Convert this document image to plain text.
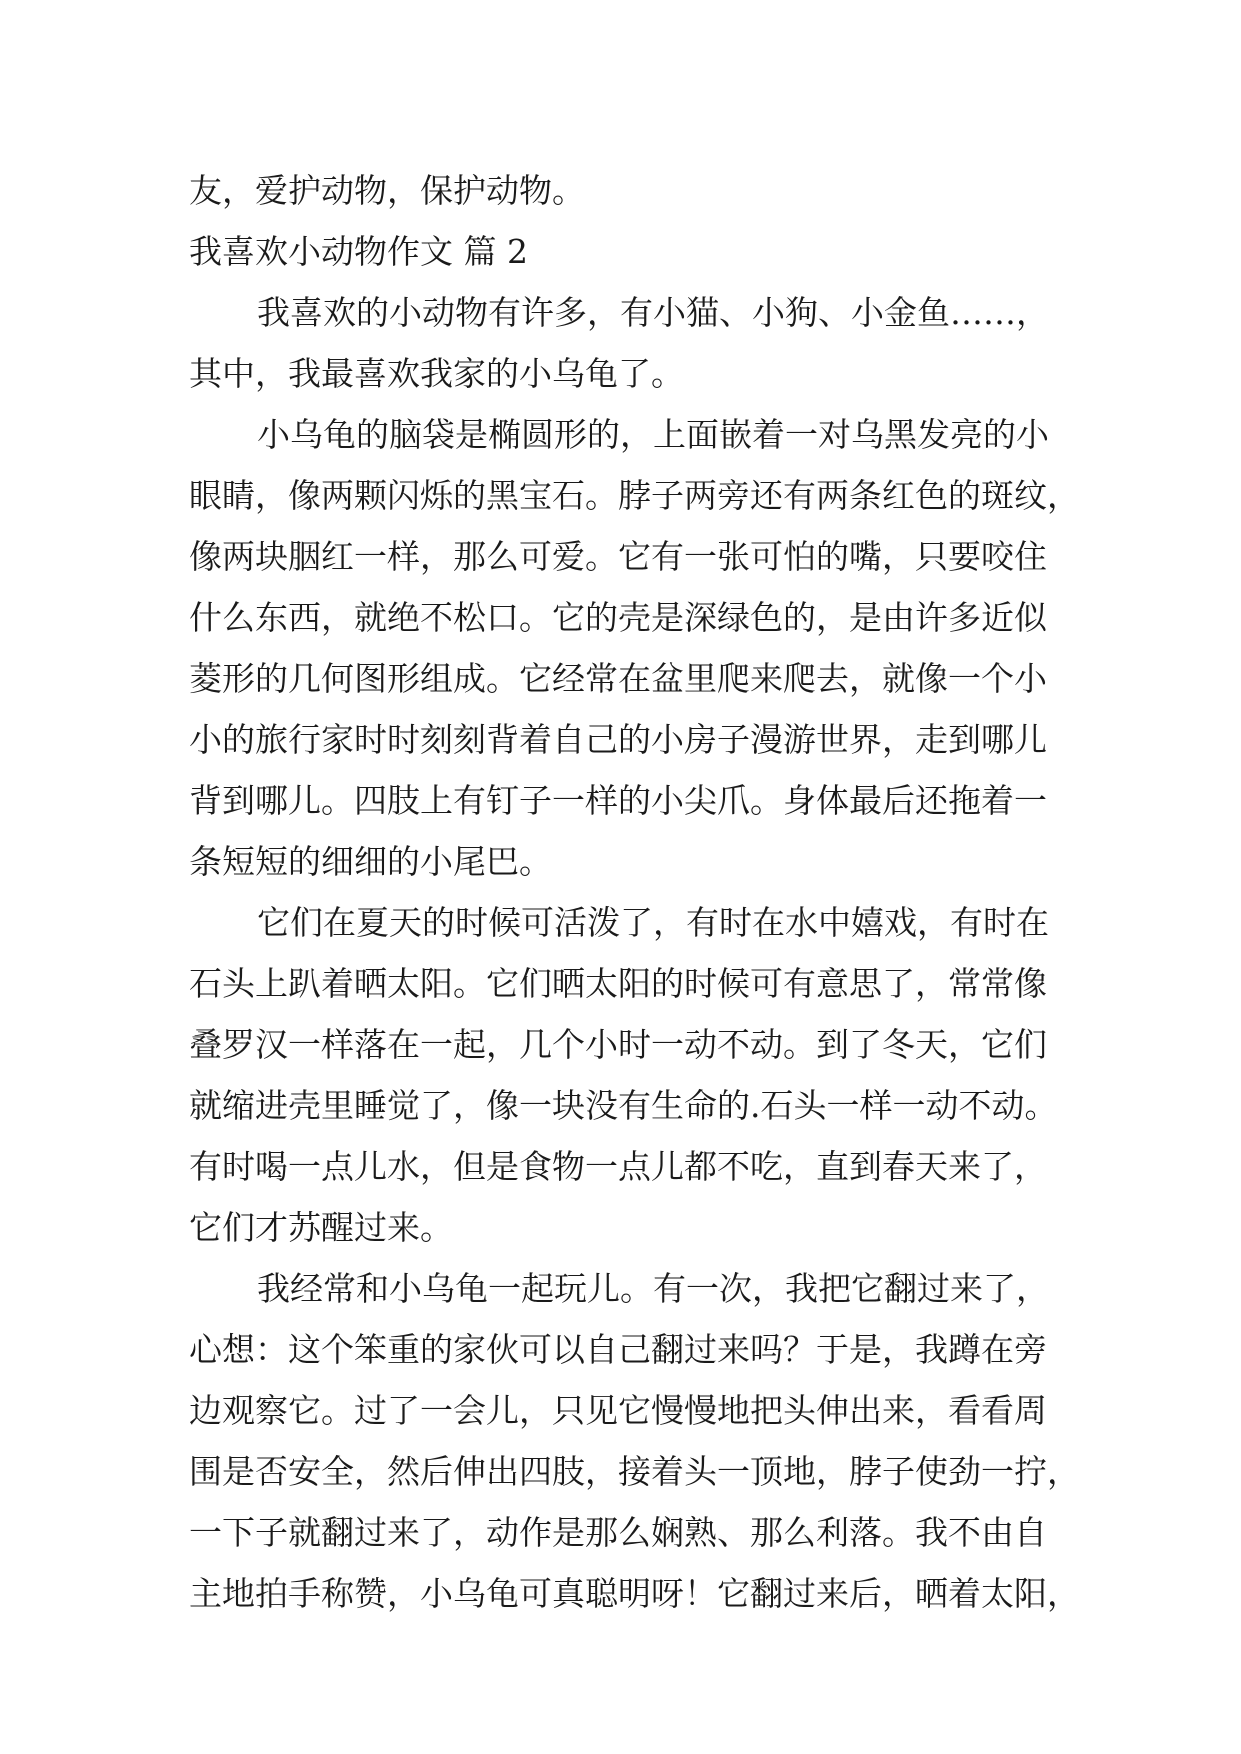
友，爱护动物，保护动物。

我喜欢小动物作文 篇 2

我喜欢的小动物有许多，有小猫、小狗、小金鱼……，

其中，我最喜欢我家的小乌龟了。

小乌龟的脑袋是椭圆形的，上面嵌着一对乌黑发亮的小

眼睛，像两颗闪烁的黑宝石。脖子两旁还有两条红色的斑纹，

像两块胭红一样，那么可爱。它有一张可怕的嘴，只要咬住

什么东西，就绝不松口。它的壳是深绿色的，是由许多近似

菱形的几何图形组成。它经常在盆里爬来爬去，就像一个小

小的旅行家时时刻刻背着自己的小房子漫游世界，走到哪儿

背到哪儿。四肢上有钉子一样的小尖爪。身体最后还拖着一

条短短的细细的小尾巴。

它们在夏天的时候可活泼了，有时在水中嬉戏，有时在

石头上趴着晒太阳。它们晒太阳的时候可有意思了，常常像

叠罗汉一样落在一起，几个小时一动不动。到了冬天，它们

就缩进壳里睡觉了，像一块没有生命的.石头一样一动不动。

有时喝一点儿水，但是食物一点儿都不吃，直到春天来了，

它们才苏醒过来。

我经常和小乌龟一起玩儿。有一次，我把它翻过来了，

心想：这个笨重的家伙可以自己翻过来吗？于是，我蹲在旁

边观察它。过了一会儿，只见它慢慢地把头伸出来，看看周

围是否安全，然后伸出四肢，接着头一顶地，脖子使劲一拧，

一下子就翻过来了，动作是那么娴熟、那么利落。我不由自

主地拍手称赞，小乌龟可真聪明呀！它翻过来后，晒着太阳，
